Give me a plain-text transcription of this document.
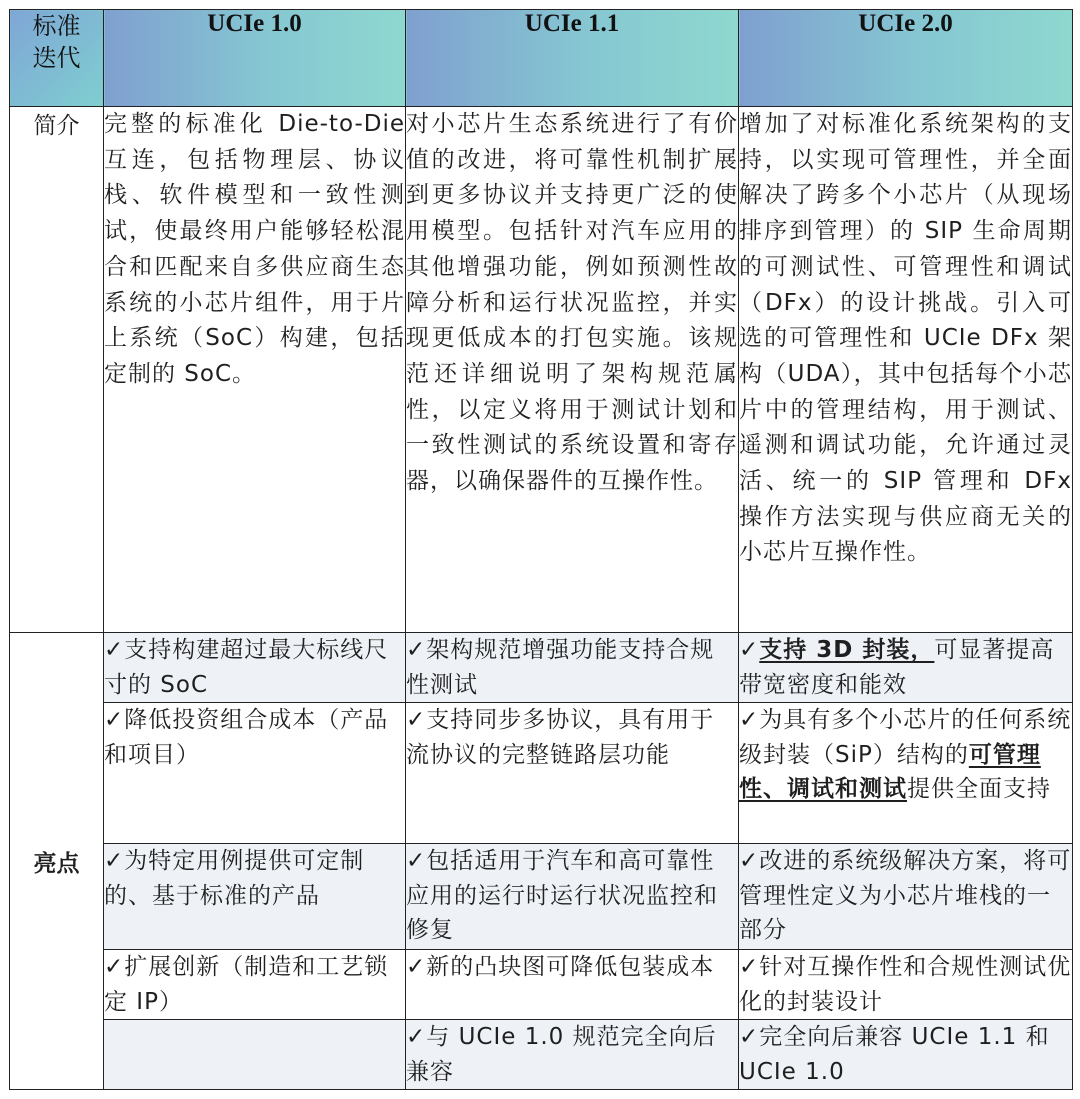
标准迭代	UCIe 1.0	UCIe 1.1	UCIe 2.0
简介	完整的标准化 Die-to-Die 互连，包括物理层、协议栈、软件模型和一致性测试，使最终用户能够轻松混合和匹配来自多供应商生态系统的小芯片组件，用于片上系统（SoC）构建，包括定制的 SoC。	对小芯片生态系统进行了有价值的改进，将可靠性机制扩展到更多协议并支持更广泛的使用模型。包括针对汽车应用的其他增强功能，例如预测性故障分析和运行状况监控，并实现更低成本的打包实施。该规范还详细说明了架构规范属性，以定义将用于测试计划和一致性测试的系统设置和寄存器，以确保器件的互操作性。	增加了对标准化系统架构的支持，以实现可管理性，并全面解决了跨多个小芯片（从现场排序到管理）的 SIP 生命周期的可测试性、可管理性和调试（DFx）的设计挑战。引入可选的可管理性和 UCIe DFx 架构（UDA），其中包括每个小芯片中的管理结构，用于测试、遥测和调试功能，允许通过灵活、统一的 SIP 管理和 DFx 操作方法实现与供应商无关的小芯片互操作性。
亮点	✓支持构建超过最大标线尺寸的 SoC	✓架构规范增强功能支持合规性测试	✓支持 3D 封装，可显著提高带宽密度和能效
	✓降低投资组合成本（产品和项目）	✓支持同步多协议，具有用于流协议的完整链路层功能	✓为具有多个小芯片的任何系统级封装（SiP）结构的可管理性、调试和测试提供全面支持
	✓为特定用例提供可定制的、基于标准的产品	✓包括适用于汽车和高可靠性应用的运行时运行状况监控和修复	✓改进的系统级解决方案，将可管理性定义为小芯片堆栈的一部分
	✓扩展创新（制造和工艺锁定 IP）	✓新的凸块图可降低包装成本	✓针对互操作性和合规性测试优化的封装设计
		✓与 UCIe 1.0 规范完全向后兼容	✓完全向后兼容 UCIe 1.1 和 UCIe 1.0
